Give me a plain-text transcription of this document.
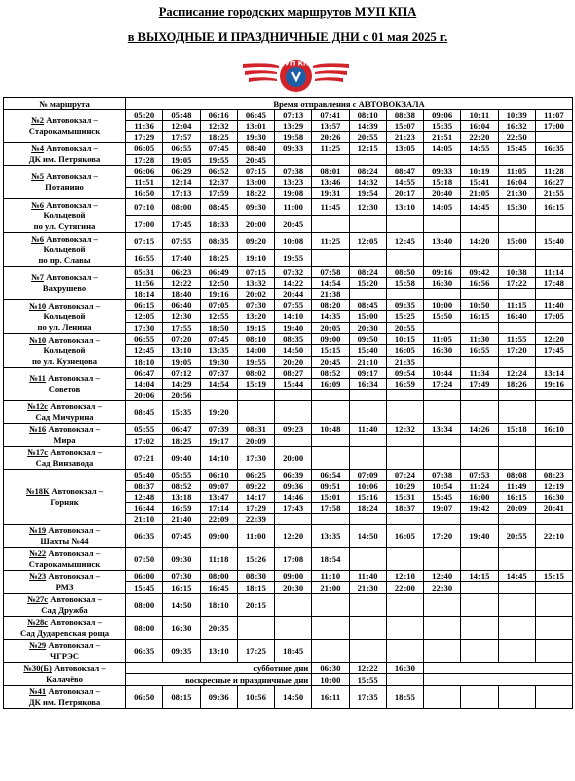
Расписание городских маршрутов МУП КПА
в ВЫХОДНЫЕ И ПРАЗДНИЧНЫЕ ДНИ с 01 мая 2025 г.
МУП КПА
№ маршрута	Время отправления с АВТОВОКЗАЛА											
№2 Автовокзал –
Старокамышинск	05:20	05:48	06:16	06:45	07:13	07:41	08:10	08:38	09:06	10:11	10:39	11:07
	11:36	12:04	12:32	13:01	13:29	13:57	14:39	15:07	15:35	16:04	16:32	17:00
	17:29	17:57	18:25	19:30	19:58	20:26	20:55	21:23	21:51	22:20	22:50	
№4 Автовокзал –
ДК им. Петрякова	06:05	06:55	07:45	08:40	09:33	11:25	12:15	13:05	14:05	14:55	15:45	16:35
	17:28	19:05	19:55	20:45								
№5 Автовокзал –
Потанино	06:06	06:29	06:52	07:15	07:38	08:01	08:24	08:47	09:33	10:19	11:05	11:28
	11:51	12:14	12:37	13:00	13:23	13:46	14:32	14:55	15:18	15:41	16:04	16:27
	16:50	17:13	17:59	18:22	19:08	19:31	19:54	20:17	20:40	21:05	21:30	21:55
№6 Автовокзал –
Кольцевой
по ул. Сутягина	07:10	08:00	08:45	09:30	11:00	11:45	12:30	13:10	14:05	14:45	15:30	16:15
	17:00	17:45	18:33	20:00	20:45							
№6 Автовокзал –
Кольцевой
по пр. Славы	07:15	07:55	08:35	09:20	10:08	11:25	12:05	12:45	13:40	14:20	15:00	15:40
	16:55	17:40	18:25	19:10	19:55							
№7 Автовокзал –
Вахрушево	05:31	06:23	06:49	07:15	07:32	07:58	08:24	08:50	09:16	09:42	10:38	11:14
	11:56	12:22	12:50	13:32	14:22	14:54	15:20	15:58	16:30	16:56	17:22	17:48
	18:14	18:40	19:16	20:02	20:44	21:38						
№10 Автовокзал –
Кольцевой
по ул. Ленина	06:15	06:40	07:05	07:30	07:55	08:20	08:45	09:35	10:00	10:50	11:15	11:40
	12:05	12:30	12:55	13:20	14:10	14:35	15:00	15:25	15:50	16:15	16:40	17:05
	17:30	17:55	18:50	19:15	19:40	20:05	20:30	20:55				
№10 Автовокзал –
Кольцевой
по ул. Кузнецова	06:55	07:20	07:45	08:10	08:35	09:00	09:50	10:15	11:05	11:30	11:55	12:20
	12:45	13:10	13:35	14:00	14:50	15:15	15:40	16:05	16:30	16:55	17:20	17:45
	18:10	19:05	19:30	19:55	20:20	20:45	21:10	21:35				
№11 Автовокзал –
Советов	06:47	07:12	07:37	08:02	08:27	08:52	09:17	09:54	10:44	11:34	12:24	13:14
	14:04	14:29	14:54	15:19	15:44	16:09	16:34	16:59	17:24	17:49	18:26	19:16
	20:06	20:56										
№12с Автовокзал –
Сад Мичурина	08:45	15:35	19:20									
№16 Автовокзал –
Мира	05:55	06:47	07:39	08:31	09:23	10:48	11:40	12:32	13:34	14:26	15:18	16:10
	17:02	18:25	19:17	20:09								
№17с Автовокзал –
Сад Винзавода	07:21	09:40	14:10	17:30	20:00							
№18К Автовокзал –
Горняк	05:40	05:55	06:10	06:25	06:39	06:54	07:09	07:24	07:38	07:53	08:08	08:23
	08:37	08:52	09:07	09:22	09:36	09:51	10:06	10:29	10:54	11:24	11:49	12:19
	12:48	13:18	13:47	14:17	14:46	15:01	15:16	15:31	15:45	16:00	16:15	16:30
	16:44	16:59	17:14	17:29	17:43	17:58	18:24	18:37	19:07	19:42	20:09	20:41
	21:10	21:40	22:09	22:39								
№19 Автовокзал –
Шахты №44	06:35	07:45	09:00	11:00	12:20	13:35	14:50	16:05	17:20	19:40	20:55	22:10
№22 Автовокзал –
Старокамышинск	07:50	09:30	11:18	15:26	17:08	18:54						
№23 Автовокзал –
РМЗ	06:00	07:30	08:00	08:30	09:00	11:10	11:40	12:10	12:40	14:15	14:45	15:15
	15:45	16:15	16:45	18:15	20:30	21:00	21:30	22:00	22:30			
№27с Автовокзал –
Сад Дружба	08:00	14:50	18:10	20:15								
№28с Автовокзал –
Сад Дударевская роща	08:00	16:30	20:35									
№29 Автовокзал –
ЧГРЭС	06:35	09:35	13:10	17:25	18:45							
№30(Б) Автовокзал –
Калачёво	субботние дни					06:30	12:22	16:30				
	воскресные и праздничные дни					10:00	15:55					
№41 Автовокзал –
ДК им. Петрякова	06:50	08:15	09:36	10:56	14:50	16:11	17:35	18:55				
